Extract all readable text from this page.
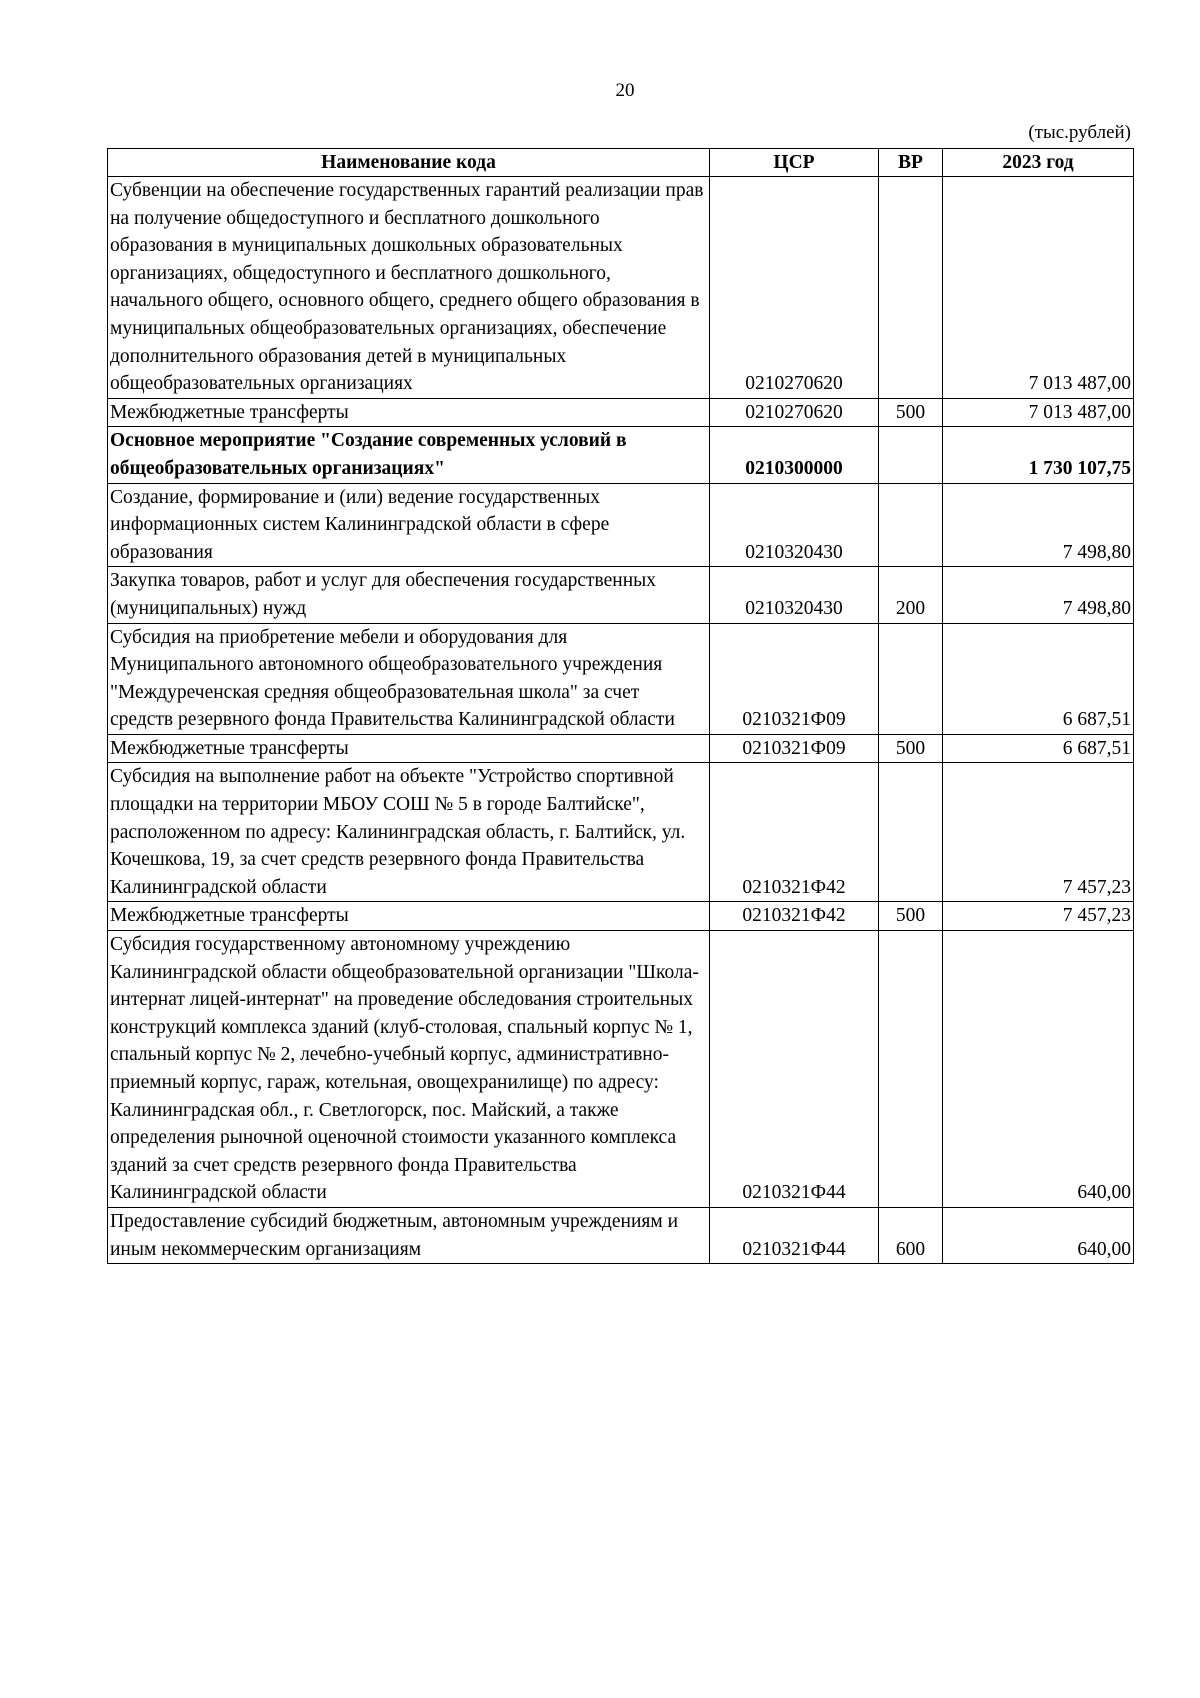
20
(тыс.рублей)
Наименование кода	ЦСР	ВР	2023 год
Субвенции на обеспечение государственных гарантий реализации прав на получение общедоступного и бесплатного дошкольного образования в муниципальных дошкольных образовательных организациях, общедоступного и бесплатного дошкольного, начального общего, основного общего, среднего общего образования в муниципальных общеобразовательных организациях, обеспечение дополнительного образования детей в муниципальных общеобразовательных организациях	0210270620		7 013 487,00
Межбюджетные трансферты	0210270620	500	7 013 487,00
Основное мероприятие "Создание современных условий в общеобразовательных организациях"	0210300000		1 730 107,75
Создание, формирование и (или) ведение государственных информационных систем Калининградской области в сфере образования	0210320430		7 498,80
Закупка товаров, работ и услуг для обеспечения государственных (муниципальных) нужд	0210320430	200	7 498,80
Субсидия на приобретение мебели и оборудования для Муниципального автономного общеобразовательного учреждения "Междуреченская средняя общеобразовательная школа" за счет средств резервного фонда Правительства Калининградской области	0210321Ф09		6 687,51
Межбюджетные трансферты	0210321Ф09	500	6 687,51
Субсидия на выполнение работ на объекте "Устройство спортивной площадки на территории МБОУ СОШ № 5 в городе Балтийске", расположенном по адресу: Калининградская область, г. Балтийск, ул. Кочешкова, 19, за счет средств резервного фонда Правительства Калининградской области	0210321Ф42		7 457,23
Межбюджетные трансферты	0210321Ф42	500	7 457,23
Субсидия государственному автономному учреждению Калининградской области общеобразовательной организации "Школа-интернат лицей-интернат" на проведение обследования строительных конструкций комплекса зданий (клуб-столовая, спальный корпус № 1, спальный корпус № 2, лечебно-учебный корпус, административно-приемный корпус, гараж, котельная, овощехранилище) по адресу: Калининградская обл., г. Светлогорск, пос. Майский, а также определения рыночной оценочной стоимости указанного комплекса зданий за счет средств резервного фонда Правительства Калининградской области	0210321Ф44		640,00
Предоставление субсидий бюджетным, автономным учреждениям и иным некоммерческим организациям	0210321Ф44	600	640,00
